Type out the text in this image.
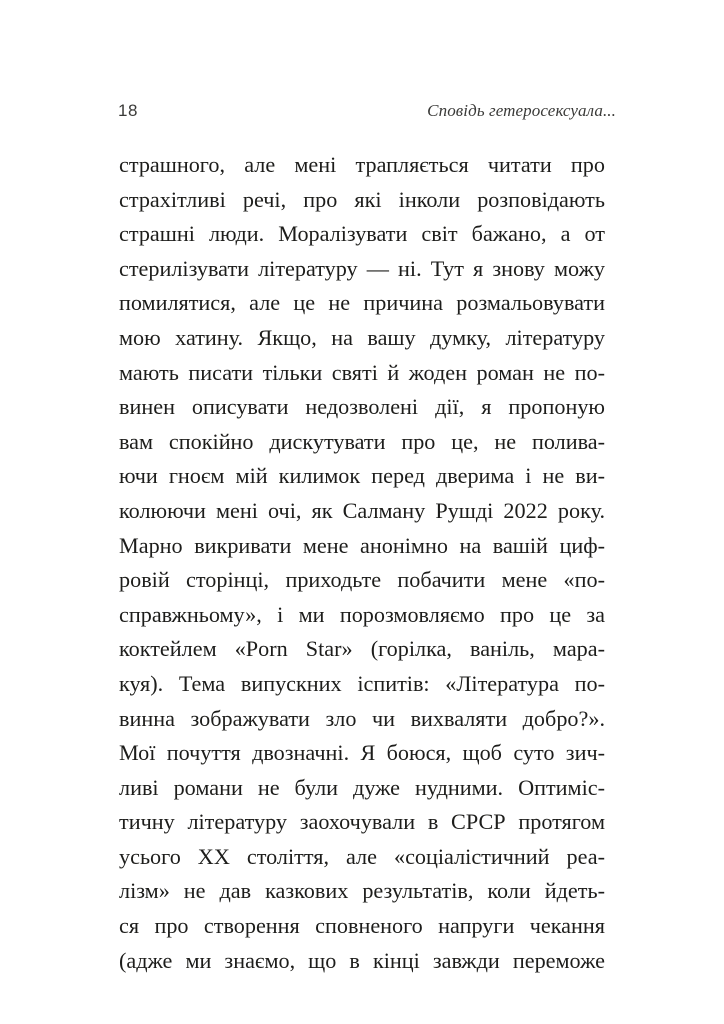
18	Сповідь гетеросексуала...
страшного, але мені трапляється читати про
страхітливі речі, про які інколи розповідають
страшні люди. Моралізувати світ бажано, а от
стерилізувати літературу — ні. Тут я знову можу
помилятися, але це не причина розмальовувати
мою хатину. Якщо, на вашу думку, літературу
мають писати тільки святі й жоден роман не по-
винен описувати недозволені дії, я пропоную
вам спокійно дискутувати про це, не полива-
ючи гноєм мій килимок перед дверима і не ви-
колюючи мені очі, як Салману Рушді 2022 року.
Марно викривати мене анонімно на вашій циф-
ровій сторінці, приходьте побачити мене «по-
справжньому», і ми порозмовляємо про це за
коктейлем «Porn Star» (горілка, ваніль, мара-
куя). Тема випускних іспитів: «Література по-
винна зображувати зло чи вихваляти добро?».
Мої почуття двозначні. Я боюся, щоб суто зич-
ливі романи не були дуже нудними. Оптиміс-
тичну літературу заохочували в СРСР протягом
усього XX століття, але «соціалістичний реа-
лізм» не дав казкових результатів, коли йдеть-
ся про створення сповненого напруги чекання
(адже ми знаємо, що в кінці завжди переможе
